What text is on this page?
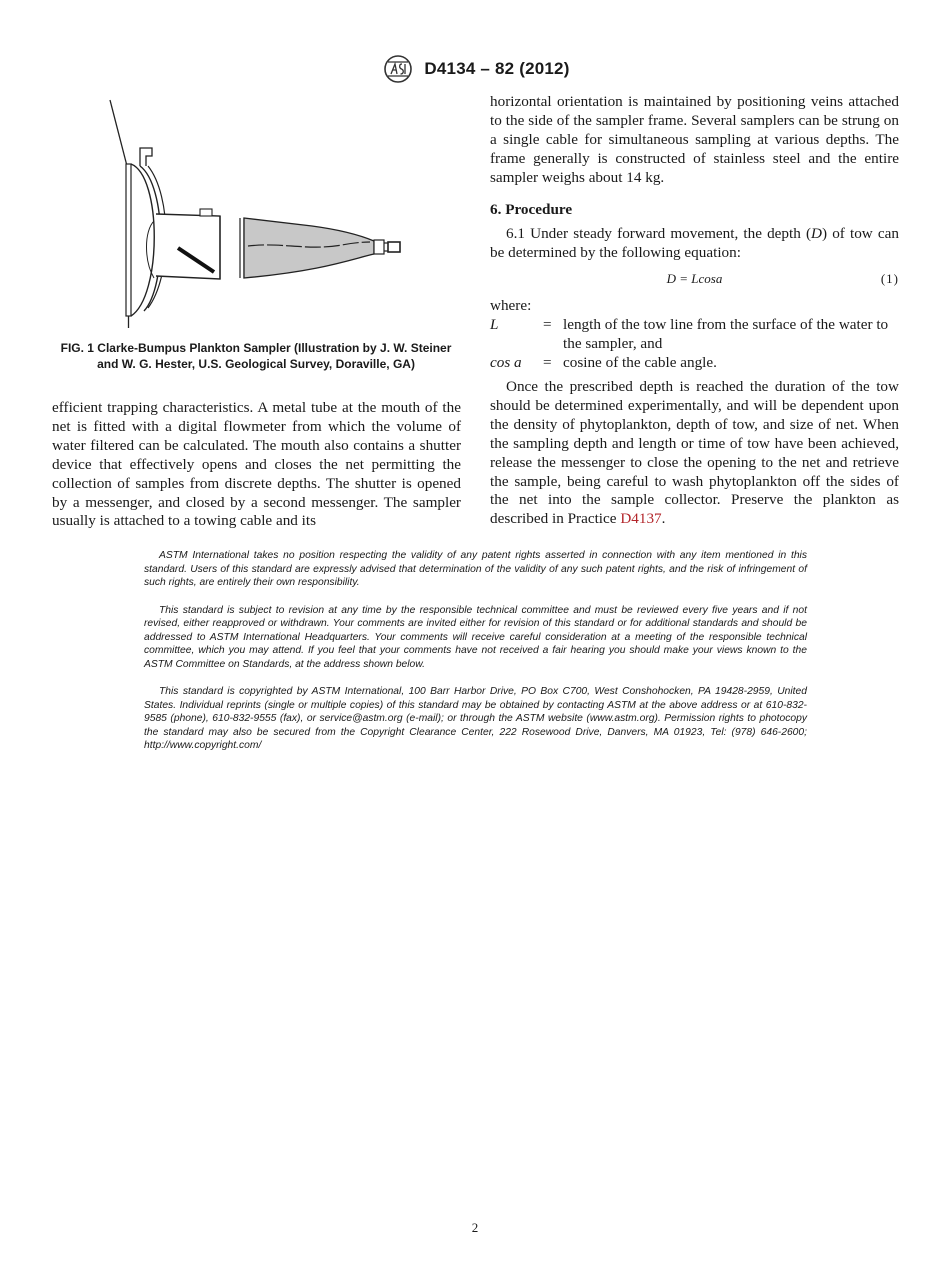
D4134 – 82 (2012)
FIG. 1 Clarke-Bumpus Plankton Sampler (Illustration by J. W. Steiner and W. G. Hester, U.S. Geological Survey, Doraville, GA)

efficient trapping characteristics. A metal tube at the mouth of the net is fitted with a digital flowmeter from which the volume of water filtered can be calculated. The mouth also contains a shutter device that effectively opens and closes the net permitting the collection of samples from discrete depths. The shutter is opened by a messenger, and closed by a second messenger. The sampler usually is attached to a towing cable and its

horizontal orientation is maintained by positioning veins attached to the side of the sampler frame. Several samplers can be strung on a single cable for simultaneous sampling at various depths. The frame generally is constructed of stainless steel and the entire sampler weighs about 14 kg.

6. Procedure

6.1 Under steady forward movement, the depth (D) of tow can be determined by the following equation:

D = Lcosa	(1)

where:

L	= length of the tow line from the surface of the water to the sampler, and
cos a = cosine of the cable angle.

Once the prescribed depth is reached the duration of the tow should be determined experimentally, and will be dependent upon the density of phytoplankton, depth of tow, and size of net. When the sampling depth and length or time of tow have been achieved, release the messenger to close the opening to the net and retrieve the sample, being careful to wash phytoplankton off the sides of the net into the sample collector. Preserve the plankton as described in Practice D4137.

ASTM International takes no position respecting the validity of any patent rights asserted in connection with any item mentioned in this standard. Users of this standard are expressly advised that determination of the validity of any such patent rights, and the risk of infringement of such rights, are entirely their own responsibility.

This standard is subject to revision at any time by the responsible technical committee and must be reviewed every five years and if not revised, either reapproved or withdrawn. Your comments are invited either for revision of this standard or for additional standards and should be addressed to ASTM International Headquarters. Your comments will receive careful consideration at a meeting of the responsible technical committee, which you may attend. If you feel that your comments have not received a fair hearing you should make your views known to the ASTM Committee on Standards, at the address shown below.

This standard is copyrighted by ASTM International, 100 Barr Harbor Drive, PO Box C700, West Conshohocken, PA 19428-2959, United States. Individual reprints (single or multiple copies) of this standard may be obtained by contacting ASTM at the above address or at 610-832-9585 (phone), 610-832-9555 (fax), or service@astm.org (e-mail); or through the ASTM website (www.astm.org). Permission rights to photocopy the standard may also be secured from the Copyright Clearance Center, 222 Rosewood Drive, Danvers, MA 01923, Tel: (978) 646-2600; http://www.copyright.com/

2
